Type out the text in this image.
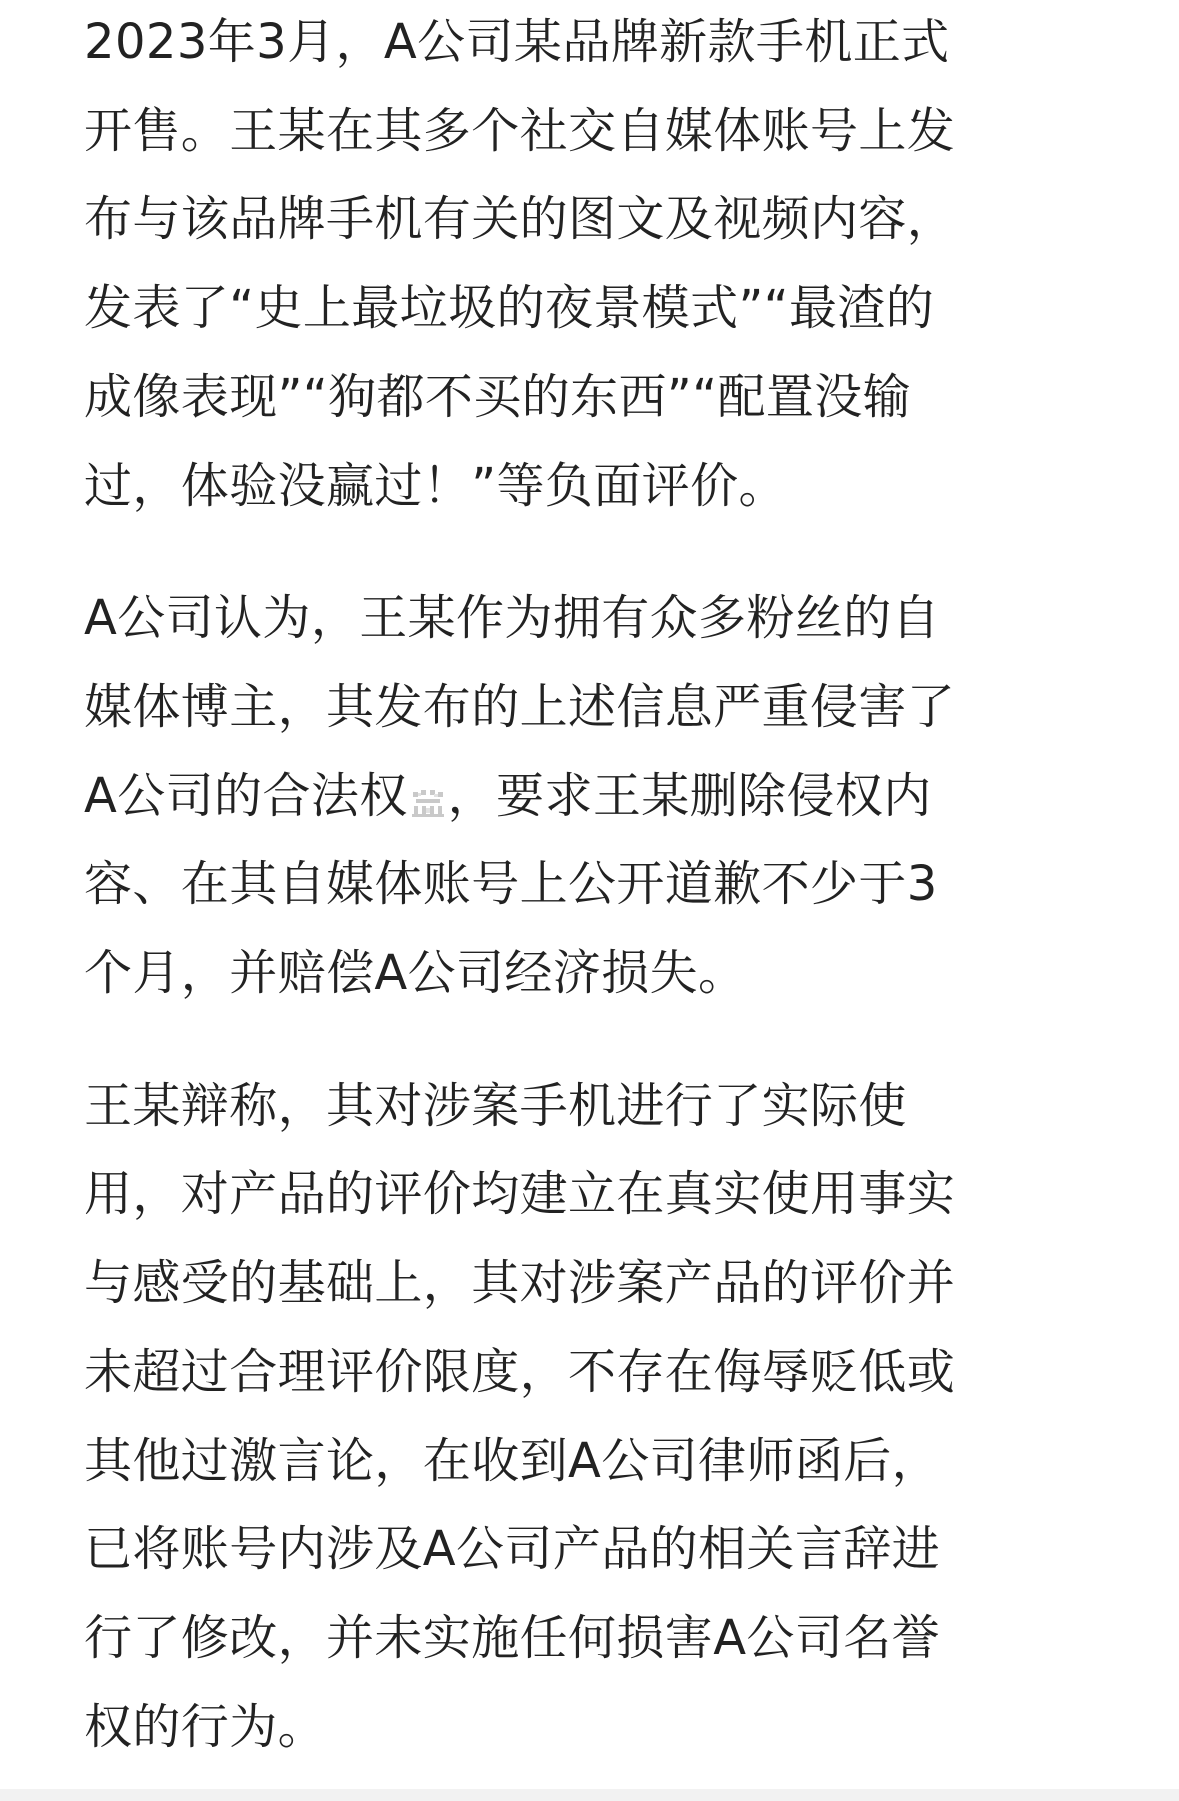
2023年3月，A公司某品牌新款手机正式
开售。王某在其多个社交自媒体账号上发
布与该品牌手机有关的图文及视频内容，
发表了“史上最垃圾的夜景模式”“最渣的
成像表现”“狗都不买的东西”“配置没输
过，体验没赢过！”等负面评价。

A公司认为，王某作为拥有众多粉丝的自
媒体博主，其发布的上述信息严重侵害了
A公司的合法权 ，要求王某删除侵权内
容、在其自媒体账号上公开道歉不少于3
个月，并赔偿A公司经济损失。

王某辩称，其对涉案手机进行了实际使
用，对产品的评价均建立在真实使用事实
与感受的基础上，其对涉案产品的评价并
未超过合理评价限度，不存在侮辱贬低或
其他过激言论，在收到A公司律师函后，
已将账号内涉及A公司产品的相关言辞进
行了修改，并未实施任何损害A公司名誉
权的行为。
